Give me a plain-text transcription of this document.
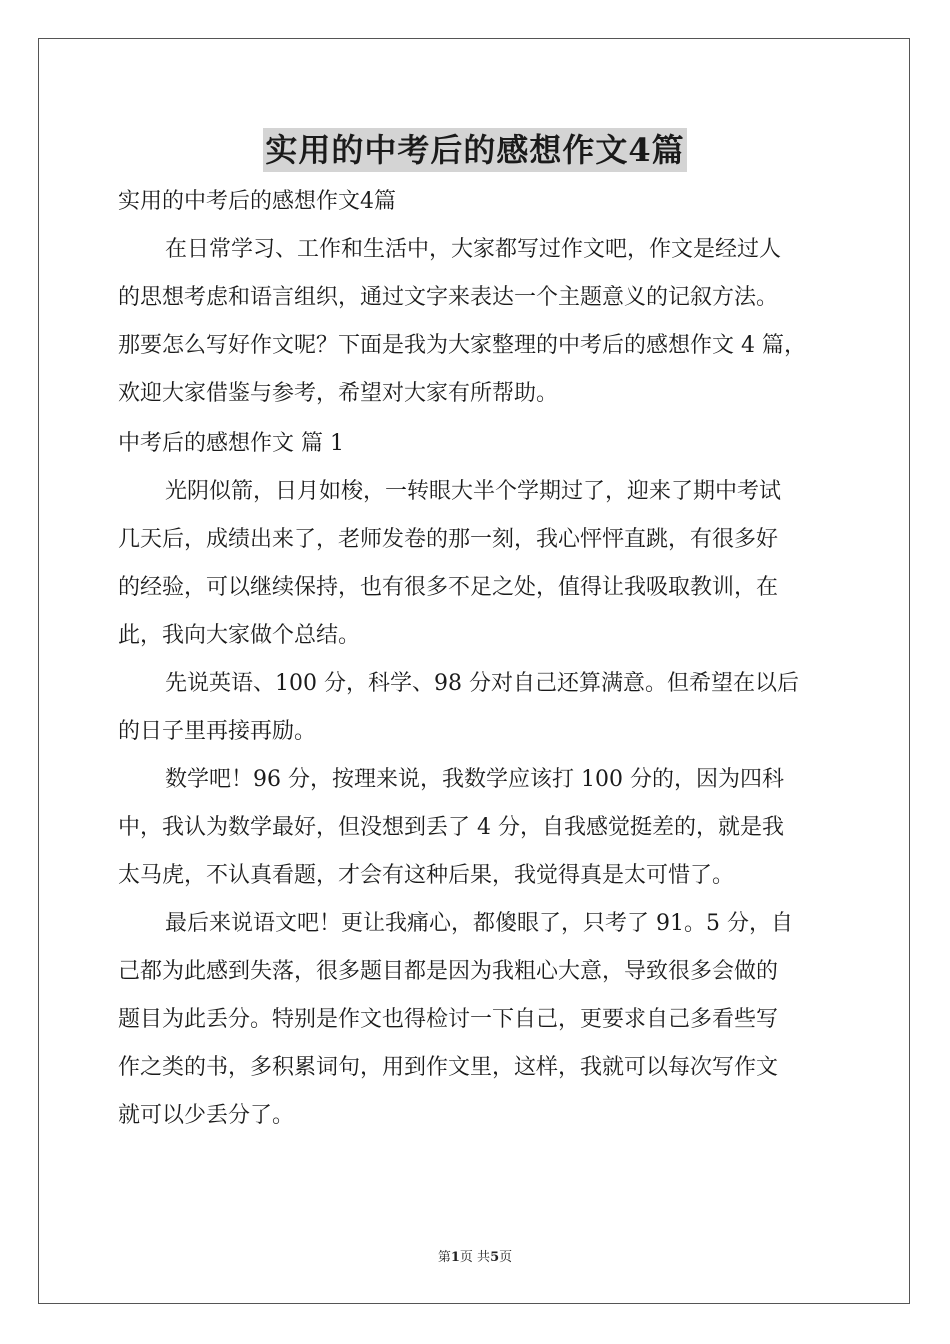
实用的中考后的感想作文4篇
实用的中考后的感想作文4篇
在日常学习、工作和生活中，大家都写过作文吧，作文是经过人
的思想考虑和语言组织，通过文字来表达一个主题意义的记叙方法。
那要怎么写好作文呢？下面是我为大家整理的中考后的感想作文 4 篇，
欢迎大家借鉴与参考，希望对大家有所帮助。
中考后的感想作文 篇 1
光阴似箭，日月如梭，一转眼大半个学期过了，迎来了期中考试
几天后，成绩出来了，老师发卷的那一刻，我心怦怦直跳，有很多好
的经验，可以继续保持，也有很多不足之处，值得让我吸取教训，在
此，我向大家做个总结。
先说英语、100 分，科学、98 分对自己还算满意。但希望在以后
的日子里再接再励。
数学吧！96 分，按理来说，我数学应该打 100 分的，因为四科
中，我认为数学最好，但没想到丢了 4 分，自我感觉挺差的，就是我
太马虎，不认真看题，才会有这种后果，我觉得真是太可惜了。
最后来说语文吧！更让我痛心，都傻眼了，只考了 91。5 分，自
己都为此感到失落，很多题目都是因为我粗心大意，导致很多会做的
题目为此丢分。特别是作文也得检讨一下自己，更要求自己多看些写
作之类的书，多积累词句，用到作文里，这样，我就可以每次写作文
就可以少丢分了。
第1页 共5页
